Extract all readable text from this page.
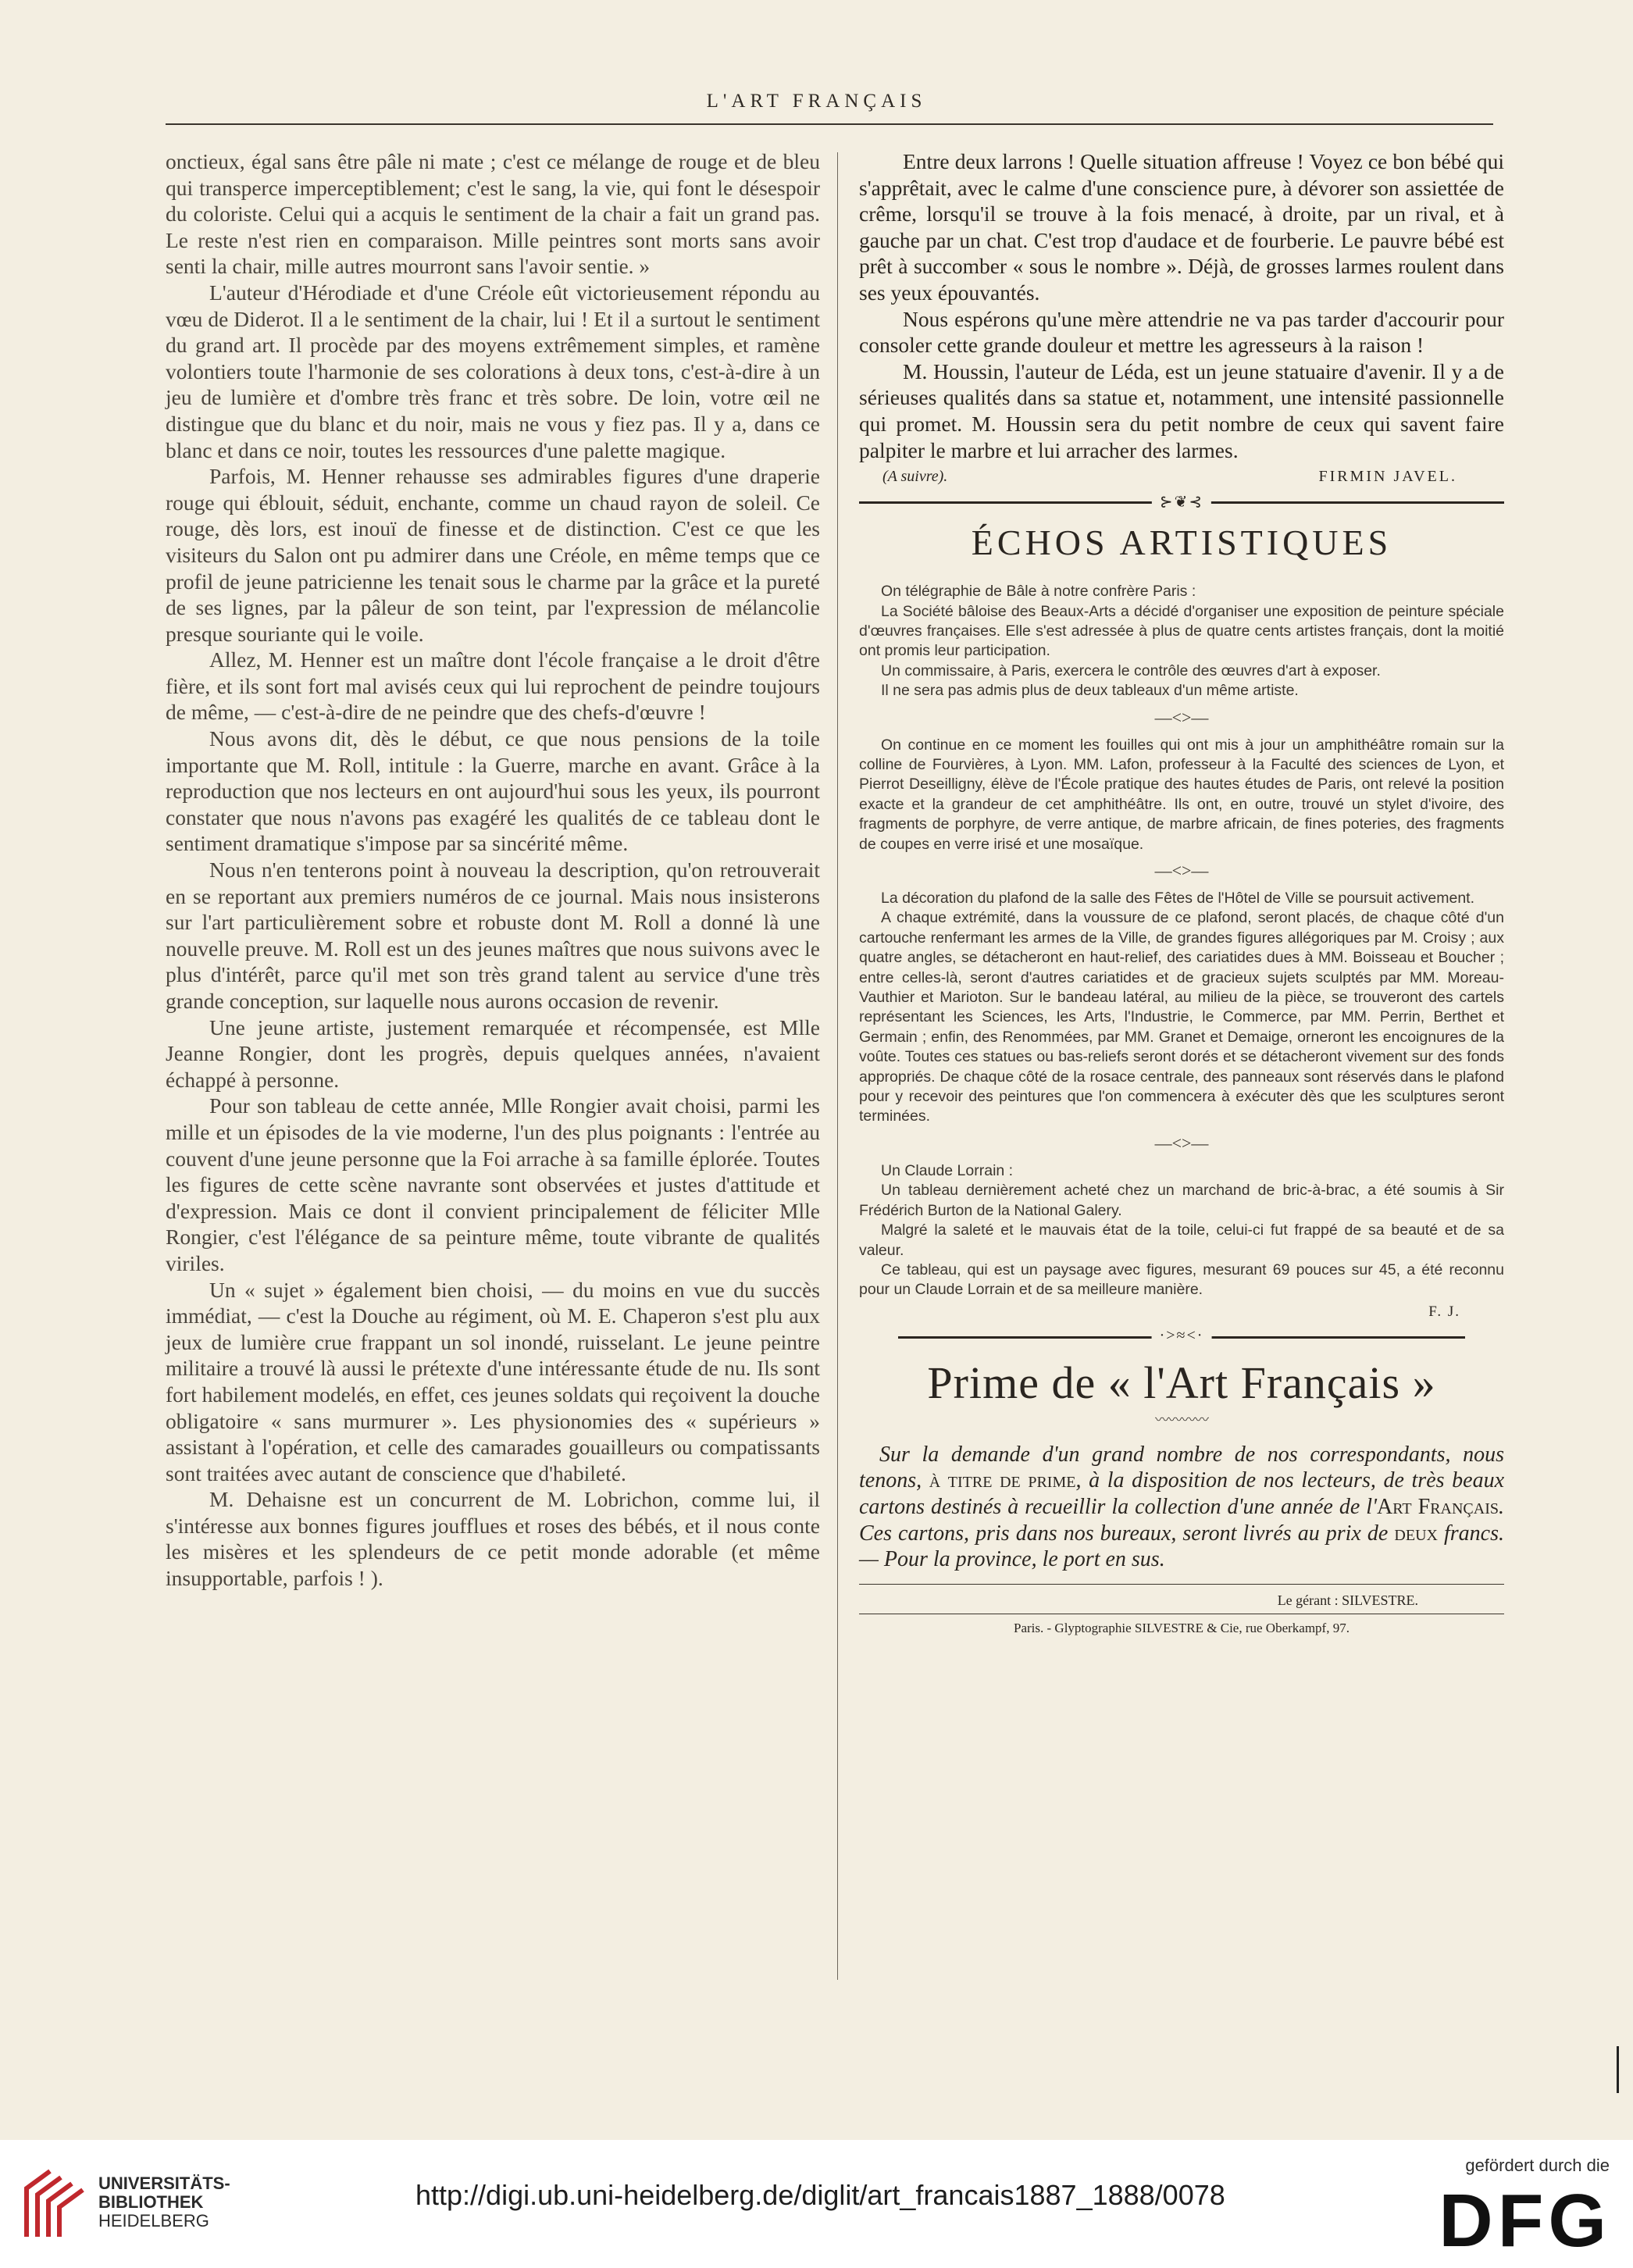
L'ART FRANÇAIS

onctieux, égal sans être pâle ni mate ; c'est ce mélange de rouge et de bleu qui transperce imperceptiblement; c'est le sang, la vie, qui font le désespoir du coloriste. Celui qui a acquis le sentiment de la chair a fait un grand pas. Le reste n'est rien en comparaison. Mille peintres sont morts sans avoir senti la chair, mille autres mourront sans l'avoir sentie. »

L'auteur d'Hérodiade et d'une Créole eût victorieusement répondu au vœu de Diderot. Il a le sentiment de la chair, lui ! Et il a surtout le sentiment du grand art. Il procède par des moyens extrêmement simples, et ramène volontiers toute l'harmonie de ses colorations à deux tons, c'est-à-dire à un jeu de lumière et d'ombre très franc et très sobre. De loin, votre œil ne distingue que du blanc et du noir, mais ne vous y fiez pas. Il y a, dans ce blanc et dans ce noir, toutes les ressources d'une palette magique.

Parfois, M. Henner rehausse ses admirables figures d'une draperie rouge qui éblouit, séduit, enchante, comme un chaud rayon de soleil. Ce rouge, dès lors, est inouï de finesse et de distinction. C'est ce que les visiteurs du Salon ont pu admirer dans une Créole, en même temps que ce profil de jeune patricienne les tenait sous le charme par la grâce et la pureté de ses lignes, par la pâleur de son teint, par l'expression de mélancolie presque souriante qui le voile.

Allez, M. Henner est un maître dont l'école française a le droit d'être fière, et ils sont fort mal avisés ceux qui lui reprochent de peindre toujours de même, — c'est-à-dire de ne peindre que des chefs-d'œuvre !

Nous avons dit, dès le début, ce que nous pensions de la toile importante que M. Roll, intitule : la Guerre, marche en avant. Grâce à la reproduction que nos lecteurs en ont aujourd'hui sous les yeux, ils pourront constater que nous n'avons pas exagéré les qualités de ce tableau dont le sentiment dramatique s'impose par sa sincérité même.

Nous n'en tenterons point à nouveau la description, qu'on retrouverait en se reportant aux premiers numéros de ce journal. Mais nous insisterons sur l'art particulièrement sobre et robuste dont M. Roll a donné là une nouvelle preuve. M. Roll est un des jeunes maîtres que nous suivons avec le plus d'intérêt, parce qu'il met son très grand talent au service d'une très grande conception, sur laquelle nous aurons occasion de revenir.

Une jeune artiste, justement remarquée et récompensée, est Mlle Jeanne Rongier, dont les progrès, depuis quelques années, n'avaient échappé à personne.

Pour son tableau de cette année, Mlle Rongier avait choisi, parmi les mille et un épisodes de la vie moderne, l'un des plus poignants : l'entrée au couvent d'une jeune personne que la Foi arrache à sa famille éplorée. Toutes les figures de cette scène navrante sont observées et justes d'attitude et d'expression. Mais ce dont il convient principalement de féliciter Mlle Rongier, c'est l'élégance de sa peinture même, toute vibrante de qualités viriles.

Un « sujet » également bien choisi, — du moins en vue du succès immédiat, — c'est la Douche au régiment, où M. E. Chaperon s'est plu aux jeux de lumière crue frappant un sol inondé, ruisselant. Le jeune peintre militaire a trouvé là aussi le prétexte d'une intéressante étude de nu. Ils sont fort habilement modelés, en effet, ces jeunes soldats qui reçoivent la douche obligatoire « sans murmurer ». Les physionomies des « supérieurs » assistant à l'opération, et celle des camarades gouailleurs ou compatissants sont traitées avec autant de conscience que d'habileté.

M. Dehaisne est un concurrent de M. Lobrichon, comme lui, il s'intéresse aux bonnes figures joufflues et roses des bébés, et il nous conte les misères et les splendeurs de ce petit monde adorable (et même insupportable, parfois ! ).

Entre deux larrons ! Quelle situation affreuse ! Voyez ce bon bébé qui s'apprêtait, avec le calme d'une conscience pure, à dévorer son assiettée de crême, lorsqu'il se trouve à la fois menacé, à droite, par un rival, et à gauche par un chat. C'est trop d'audace et de fourberie. Le pauvre bébé est prêt à succomber « sous le nombre ». Déjà, de grosses larmes roulent dans ses yeux épouvantés.

Nous espérons qu'une mère attendrie ne va pas tarder d'accourir pour consoler cette grande douleur et mettre les agresseurs à la raison !

M. Houssin, l'auteur de Léda, est un jeune statuaire d'avenir. Il y a de sérieuses qualités dans sa statue et, notamment, une intensité passionnelle qui promet. M. Houssin sera du petit nombre de ceux qui savent faire palpiter le marbre et lui arracher des larmes.

(A suivre).	FIRMIN JAVEL.
⊱❦⊰
ÉCHOS ARTISTIQUES

On télégraphie de Bâle à notre confrère Paris :

La Société bâloise des Beaux-Arts a décidé d'organiser une exposition de peinture spéciale d'œuvres françaises. Elle s'est adressée à plus de quatre cents artistes français, dont la moitié ont promis leur participation.

Un commissaire, à Paris, exercera le contrôle des œuvres d'art à exposer.

Il ne sera pas admis plus de deux tableaux d'un même artiste.

—<>—

On continue en ce moment les fouilles qui ont mis à jour un amphithéâtre romain sur la colline de Fourvières, à Lyon. MM. Lafon, professeur à la Faculté des sciences de Lyon, et Pierrot Deseilligny, élève de l'École pratique des hautes études de Paris, ont relevé la position exacte et la grandeur de cet amphithéâtre. Ils ont, en outre, trouvé un stylet d'ivoire, des fragments de porphyre, de verre antique, de marbre africain, de fines poteries, des fragments de coupes en verre irisé et une mosaïque.

—<>—

La décoration du plafond de la salle des Fêtes de l'Hôtel de Ville se poursuit activement.

A chaque extrémité, dans la voussure de ce plafond, seront placés, de chaque côté d'un cartouche renfermant les armes de la Ville, de grandes figures allégoriques par M. Croisy ; aux quatre angles, se détacheront en haut-relief, des cariatides dues à MM. Boisseau et Boucher ; entre celles-là, seront d'autres cariatides et de gracieux sujets sculptés par MM. Moreau-Vauthier et Marioton. Sur le bandeau latéral, au milieu de la pièce, se trouveront des cartels représentant les Sciences, les Arts, l'Industrie, le Commerce, par MM. Perrin, Berthet et Germain ; enfin, des Renommées, par MM. Granet et Demaige, orneront les encoignures de la voûte. Toutes ces statues ou bas-reliefs seront dorés et se détacheront vivement sur des fonds appropriés. De chaque côté de la rosace centrale, des panneaux sont réservés dans le plafond pour y recevoir des peintures que l'on commencera à exécuter dès que les sculptures seront terminées.

—<>—

Un Claude Lorrain :

Un tableau dernièrement acheté chez un marchand de bric-à-brac, a été soumis à Sir Frédérich Burton de la National Galery.

Malgré la saleté et le mauvais état de la toile, celui-ci fut frappé de sa beauté et de sa valeur.

Ce tableau, qui est un paysage avec figures, mesurant 69 pouces sur 45, a été reconnu pour un Claude Lorrain et de sa meilleure manière.

F. J.
·>≈<·
Prime de « l'Art Français »
〰〰〰〰

Sur la demande d'un grand nombre de nos correspondants, nous tenons, à titre de prime, à la disposition de nos lecteurs, de très beaux cartons destinés à recueillir la collection d'une année de l'Art Français. Ces cartons, pris dans nos bureaux, seront livrés au prix de deux francs. — Pour la province, le port en sus.

Le gérant : SILVESTRE.
Paris. - Glyptographie SILVESTRE & Cie, rue Oberkampf, 97.
UNIVERSITÄTS-
BIBLIOTHEK
HEIDELBERG
http://digi.ub.uni-heidelberg.de/diglit/art_francais1887_1888/0078
gefördert durch die
DFG
